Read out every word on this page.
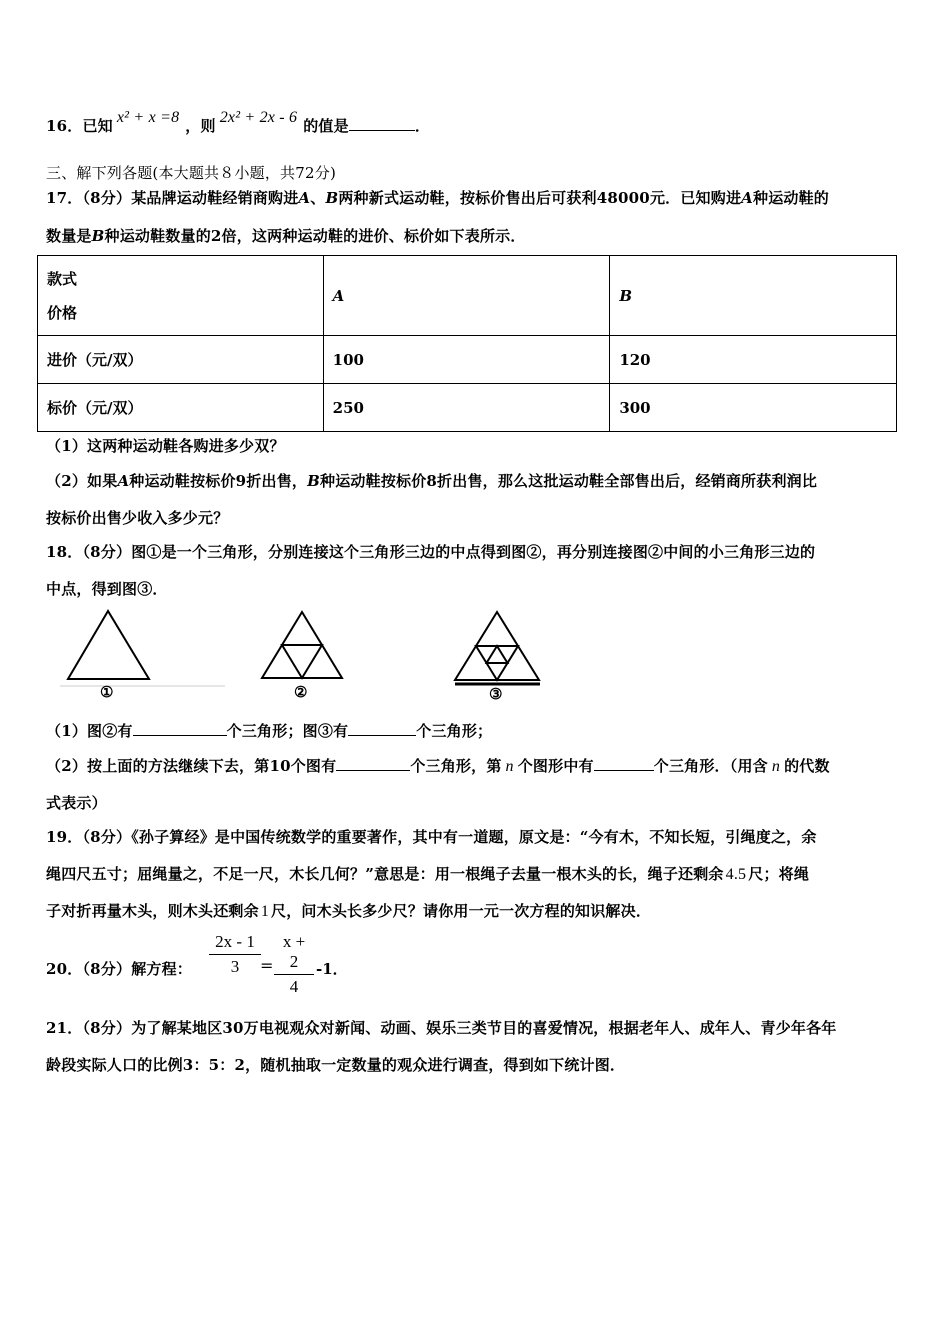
16．已知 x² + x =8 ，则 2x² + 2x - 6 的值是	．
三、解下列各题(本大题共８小题，共72分)
17．（8分）某品牌运动鞋经销商购进A、B两种新式运动鞋，按标价售出后可获利48000元．已知购进A种运动鞋的
数量是B种运动鞋数量的2倍，这两种运动鞋的进价、标价如下表所示．
款式
价格	A	B
进价（元/双）	100	120
标价（元/双）	250	300
（1）这两种运动鞋各购进多少双？
（2）如果A种运动鞋按标价9折出售，B种运动鞋按标价8折出售，那么这批运动鞋全部售出后，经销商所获利润比
按标价出售少收入多少元？
18．（8分）图①是一个三角形，分别连接这个三角形三边的中点得到图②，再分别连接图②中间的小三角形三边的
中点，得到图③．
①	②	③
（1）图②有	个三角形；图③有	个三角形；
（2）按上面的方法继续下去，第10个图有	个三角形，第 n 个图形中有	个三角形．（用含 n 的代数
式表示）
19．（8分）《孙子算经》是中国传统数学的重要著作，其中有一道题，原文是：“今有木，不知长短，引绳度之，余
绳四尺五寸；屈绳量之，不足一尺，木长几何？”意思是：用一根绳子去量一根木头的长，绳子还剩余 4.5 尺；将绳
子对折再量木头，则木头还剩余 1 尺，问木头长多少尺？请你用一元一次方程的知识解决．
20．（8分）解方程： $\frac{2x - 1}{3} = \frac{x + 2}{4} -1$．
21．（8分）为了解某地区30万电视观众对新闻、动画、娱乐三类节目的喜爱情况，根据老年人、成年人、青少年各年
龄段实际人口的比例3：5：2，随机抽取一定数量的观众进行调查，得到如下统计图．
